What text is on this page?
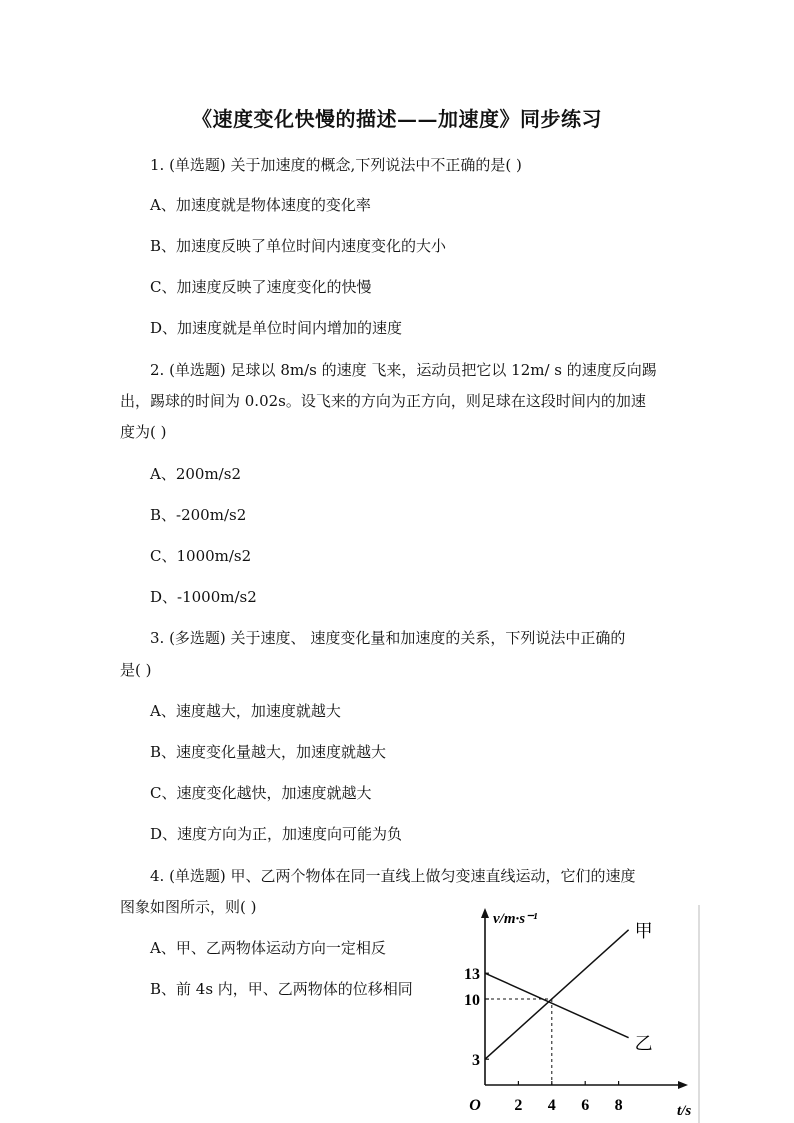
《速度变化快慢的描述——加速度》同步练习
1. (单选题) 关于加速度的概念,下列说法中不正确的是( )
A、加速度就是物体速度的变化率
B、加速度反映了单位时间内速度变化的大小
C、加速度反映了速度变化的快慢
D、加速度就是单位时间内增加的速度
2. (单选题) 足球以 8m/s 的速度 飞来，运动员把它以 12m/ s 的速度反向踢
出，踢球的时间为 0.02s。设飞来的方向为正方向，则足球在这段时间内的加速
度为( )
A、200m/s2
B、-200m/s2
C、1000m/s2
D、-1000m/s2
3. (多选题) 关于速度、 速度变化量和加速度的关系，下列说法中正确的
是( )
A、速度越大，加速度就越大
B、速度变化量越大，加速度就越大
C、速度变化越快，加速度就越大
D、速度方向为正，加速度向可能为负
4. (单选题) 甲、乙两个物体在同一直线上做匀变速直线运动，它们的速度
图象如图所示，则( )
A、甲、乙两物体运动方向一定相反
B、前 4s 内，甲、乙两物体的位移相同
2 4 6 8
3
10
13
v/m·s⁻¹
t/s
O
甲
乙
